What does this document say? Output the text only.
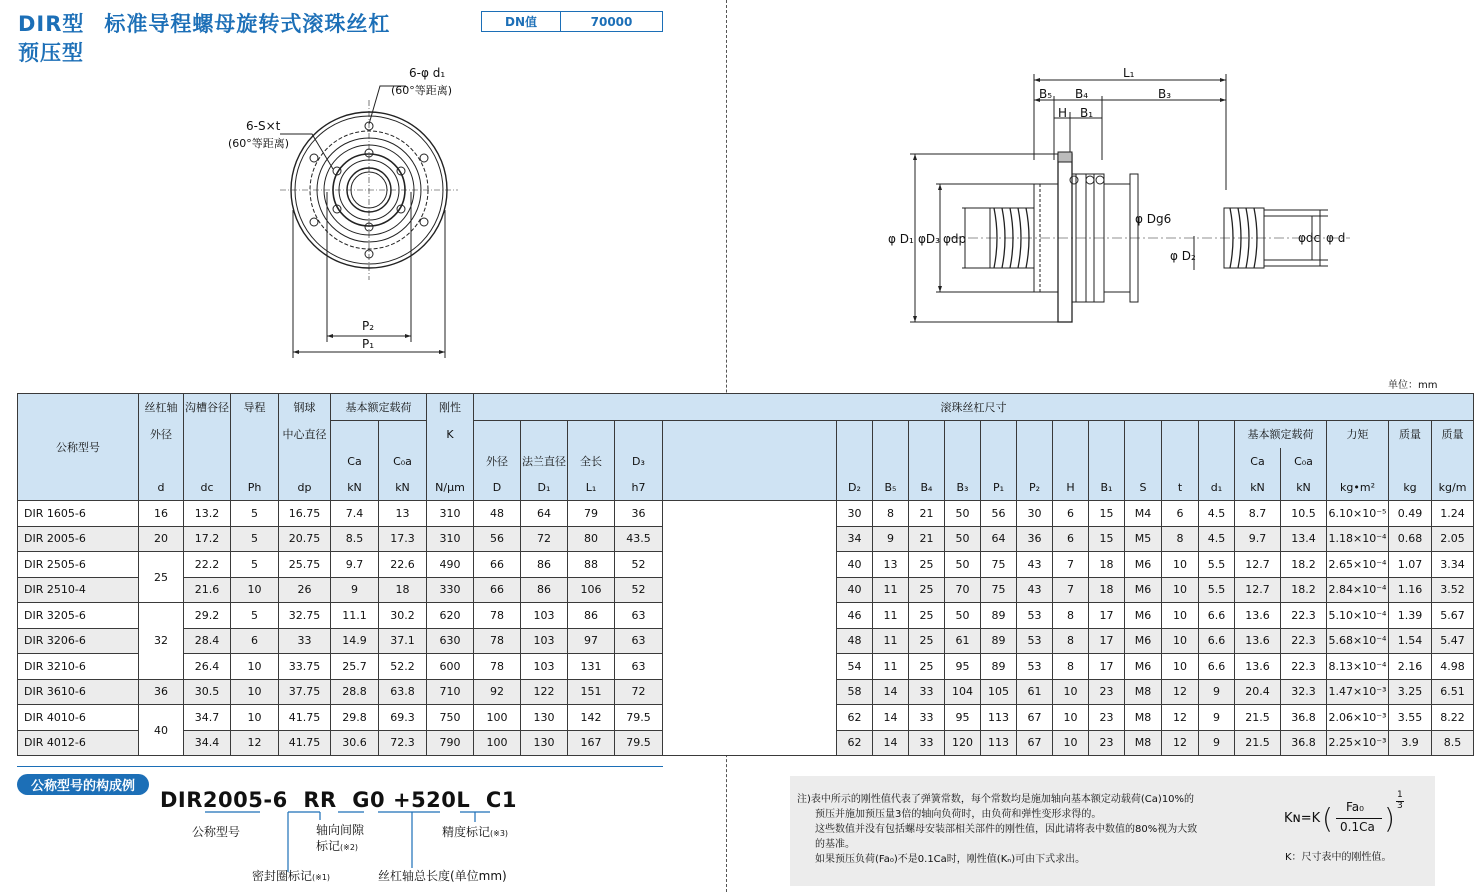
DIR型 标准导程螺母旋转式滚珠丝杠
预压型
DN值	70000
6-φ d₁
(60°等距离)
6-S×t
(60°等距离)
P₂
P₁
L₁
B₅ B₄	B₃
H B₁
φ D₁ φD₃ φdp
φ Dg6
φ D₂
φdc φ d
单位：mm
公称型号	丝杠轴	沟槽谷径	导程	钢球	基本额定载荷		刚性	滚珠丝杠尺寸				
	外径			中心直径			K																	基本额定载荷		力矩	质量	质量	
					Ca	C₀a		外径	法兰直径	全长	D₃													Ca	C₀a				
	d	dc	Ph	dp	kN	kN	N/μm	D	D₁	L₁	h7		D₂	B₅	B₄	B₃	P₁	P₂	H	B₁	S	t	d₁	kN	kN	kg•m²	kg	kg/m	
DIR 1605-6	16	13.2	5	16.75	7.4	13	310	48	64	79	36		30	8	21	50	56	30	6	15	M4	6	4.5	8.7	10.5	6.10×10⁻⁵	0.49	1.24	
DIR 2005-6	20	17.2	5	20.75	8.5	17.3	310	56	72	80	43.5		34	9	21	50	64	36	6	15	M5	8	4.5	9.7	13.4	1.18×10⁻⁴	0.68	2.05	
DIR 2505-6	25	22.2	5	25.75	9.7	22.6	490	66	86	88	52		40	13	25	50	75	43	7	18	M6	10	5.5	12.7	18.2	2.65×10⁻⁴	1.07	3.34	
DIR 2510-4		21.6	10	26	9	18	330	66	86	106	52		40	11	25	70	75	43	7	18	M6	10	5.5	12.7	18.2	2.84×10⁻⁴	1.16	3.52	
DIR 3205-6	32	29.2	5	32.75	11.1	30.2	620	78	103	86	63		46	11	25	50	89	53	8	17	M6	10	6.6	13.6	22.3	5.10×10⁻⁴	1.39	5.67	
DIR 3206-6		28.4	6	33	14.9	37.1	630	78	103	97	63		48	11	25	61	89	53	8	17	M6	10	6.6	13.6	22.3	5.68×10⁻⁴	1.54	5.47	
DIR 3210-6		26.4	10	33.75	25.7	52.2	600	78	103	131	63		54	11	25	95	89	53	8	17	M6	10	6.6	13.6	22.3	8.13×10⁻⁴	2.16	4.98	
DIR 3610-6	36	30.5	10	37.75	28.8	63.8	710	92	122	151	72		58	14	33	104	105	61	10	23	M8	12	9	20.4	32.3	1.47×10⁻³	3.25	6.51	
DIR 4010-6	40	34.7	10	41.75	29.8	69.3	750	100	130	142	79.5		62	14	33	95	113	67	10	23	M8	12	9	21.5	36.8	2.06×10⁻³	3.55	8.22	
DIR 4012-6		34.4	12	41.75	30.6	72.3	790	100	130	167	79.5		62	14	33	120	113	67	10	23	M8	12	9	21.5	36.8	2.25×10⁻³	3.9	8.5	
公称型号的构成例
DIR2005-6 RR G0 +520L C1
公称型号	轴向间隙
标记(※2)
精度标记(※3)
密封圈标记(※1)	丝杠轴总长度(单位mm)
注)表中所示的刚性值代表了弹簧常数，每个常数均是施加轴向基本额定动载荷(Ca)10%的
预压并施加预压量3倍的轴向负荷时，由负荷和弹性变形求得的。
这些数值并没有包括螺母安装部相关部件的刚性值，因此请将表中数值的80%视为大致
的基准。
如果预压负荷(Fa₀)不是0.1Ca时，刚性值(Kₙ)可由下式求出。
Kɴ=K ( Fa₀
0.1Ca )
1
3
K：尺寸表中的刚性值。
